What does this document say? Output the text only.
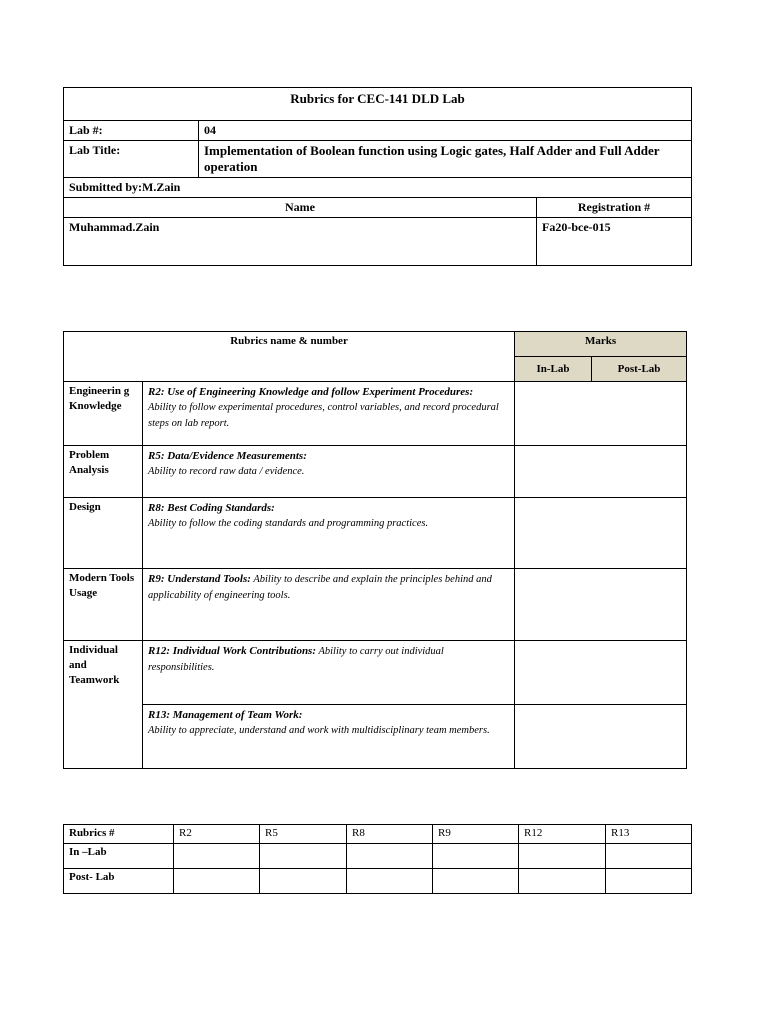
Rubrics for CEC-141 DLD Lab		
Lab #:	04	
Lab Title:	Implementation of Boolean function using Logic gates, Half Adder and Full Adder operation	
Submitted by:M.Zain		
Name		Registration #
Muhammad.Zain		Fa20-bce-015
Rubrics name & number		Marks	
		In-Lab	Post-Lab
Engineerin g Knowledge	R2: Use of Engineering Knowledge and follow Experiment Procedures:
Ability to follow experimental procedures, control variables, and record procedural steps on lab report.		
Problem Analysis	R5: Data/Evidence Measurements:
Ability to record raw data / evidence.		
Design	R8: Best Coding Standards:
Ability to follow the coding standards and programming practices.		
Modern Tools Usage	R9: Understand Tools: Ability to describe and explain the principles behind and applicability of engineering tools.		
Individual and Teamwork	R12: Individual Work Contributions: Ability to carry out individual responsibilities.		
	R13: Management of Team Work:
Ability to appreciate, understand and work with multidisciplinary team members.		
Rubrics #	R2	R5	R8	R9	R12	R13
In –Lab						
Post- Lab						
